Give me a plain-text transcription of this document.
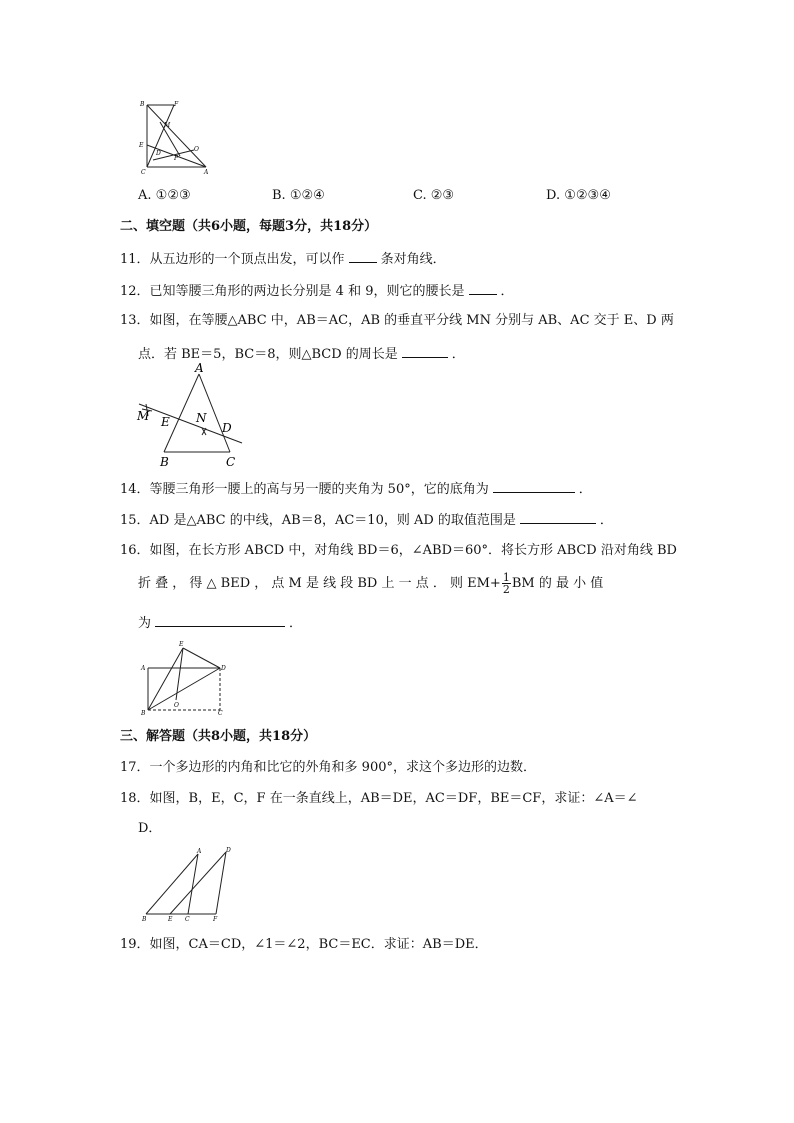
B	F
M
E
D
P
O
C	A
A. ①②③	B. ①②④	C. ②③	D. ①②③④
二、填空题（共6小题，每题3分，共18分）
11．从五边形的一个顶点出发，可以作	条对角线．
12．已知等腰三角形的两边长分别是 4 和 9，则它的腰长是	．
13．如图，在等腰△ABC 中，AB＝AC，AB 的垂直平分线 MN 分别与 AB、AC 交于 E、D 两
点．若 BE＝5，BC＝8，则△BCD 的周长是	．
A
M	N
E	D
B	C
14．等腰三角形一腰上的高与另一腰的夹角为 50°，它的底角为	．
15．AD 是△ABC 的中线，AB＝8，AC＝10，则 AD 的取值范围是	．
16．如图，在长方形 ABCD 中，对角线 BD＝6，∠ABD＝60°．将长方形 ABCD 沿对角线 BD
折 叠 ， 得 △ BED ， 点 M 是 线 段 BD 上 一 点 ． 则 $EM+ \frac{1}{2}$ BM 的 最 小 值
为	．
E
A	D
O
B	C
三、解答题（共8小题，共18分）
17．一个多边形的内角和比它的外角和多 900°，求这个多边形的边数．
18．如图，B，E，C，F 在一条直线上，AB＝DE，AC＝DF，BE＝CF，求证：∠A＝∠
D．
A	D
B	E C	F
19．如图，CA＝CD，∠1＝∠2，BC＝EC．求证：AB＝DE．
